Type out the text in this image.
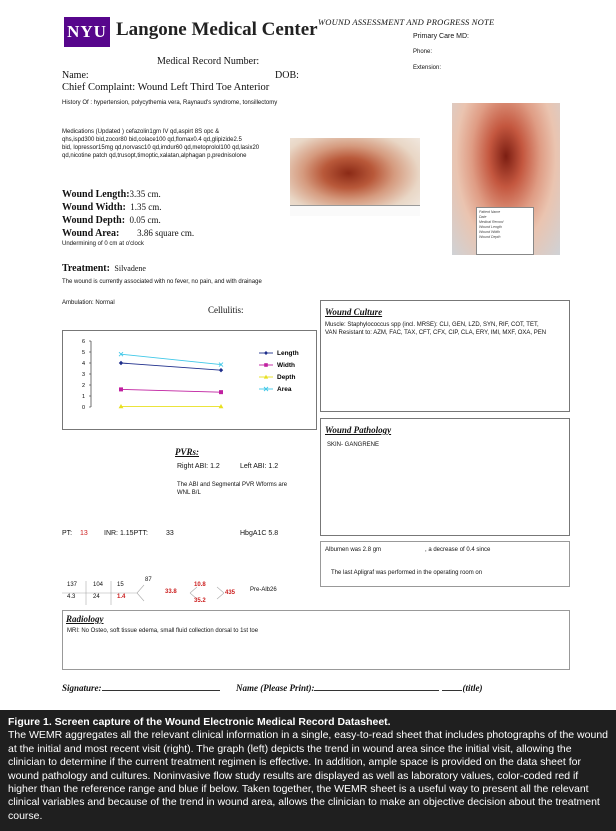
NYU Langone Medical Center WOUND ASSESSMENT AND PROGRESS NOTE
Primary Care MD:
Phone:
Extension:
Medical Record Number:
Name:	DOB:
Chief Complaint: Wound Left Third Toe Anterior
History Of : hypertension, polycythemia vera, Raynaud's syndrome, tonsillectomy
Medications (Updated ) cefazolin1gm IV qd,aspirt 8S opc &
qhs,ispd300 bid,zocor80 bid,colace100 qd,flomax0.4 qd,glipizide2.5
bid, lopressor15mg qd,norvasc10 qd,imdur60 qd,metoprolol100 qd,lasix20
qd,nicotine patch qd,trusopt,timoptic,xalatan,alphagan p,prednisolone
Patient Name
Date
Medical Record
Wound Length
Wound Width
Wound Depth
Wound Length:3.35 cm.
Wound Width: 1.35 cm.
Wound Depth: 0.05 cm.
Wound Area: 3.86 square cm.
Undermining of 0 cm at o'clock
Treatment: Silvadene
The wound is currently associated with no fever, no pain, and with drainage
Ambulation: Normal
Cellulitis:
0
1
2
3
4
5
6
Length
Width
Depth
Area
Wound Culture
Muscle: Staphylococcus spp (incl. MRSE): CLI, GEN, LZD, SYN, RIF, COT, TET,
VAN Resistant to: AZM, FAC, TAX, CFT, CFX, CIP, CLA, ERY, IMI, MXF, OXA, PEN
Wound Pathology
SKIN- GANGRENE
PVRs:
Right ABI: 1.2	Left ABI: 1.2
The ABI and Segmental PVR Wforms are
WNL B/L
PT: 13 INR: 1.15PTT:	33	HbgA1C 5.8
Albumen was 2.8 gm	, a decrease of 0.4 since
The last Apligraf was performed in the operating room on
137
4.3
104
24
15
1.4
87
33.8
10.8
35.2
435 Pre-Alb26
Radiology
MRI: No Osteo, soft tissue edema, small fluid collection dorsal to 1st toe
Signature:	Name (Please Print):	(title)
Figure 1. Screen capture of the Wound Electronic Medical Record Datasheet.
The WEMR aggregates all the relevant clinical information in a single, easy-to-read sheet that includes photographs of the wound at the initial and most recent visit (right). The graph (left) depicts the trend in wound area since the initial visit, allowing the clinician to determine if the current treatment regimen is effective. In addition, ample space is provided on the data sheet for wound pathology and cultures. Noninvasive flow study results are displayed as well as laboratory values, color-coded red if higher than the reference range and blue if below. Taken together, the WEMR sheet is a useful way to present all the relevant clinical variables and because of the trend in wound area, allows the clinician to make an objective decision about the treatment course.
